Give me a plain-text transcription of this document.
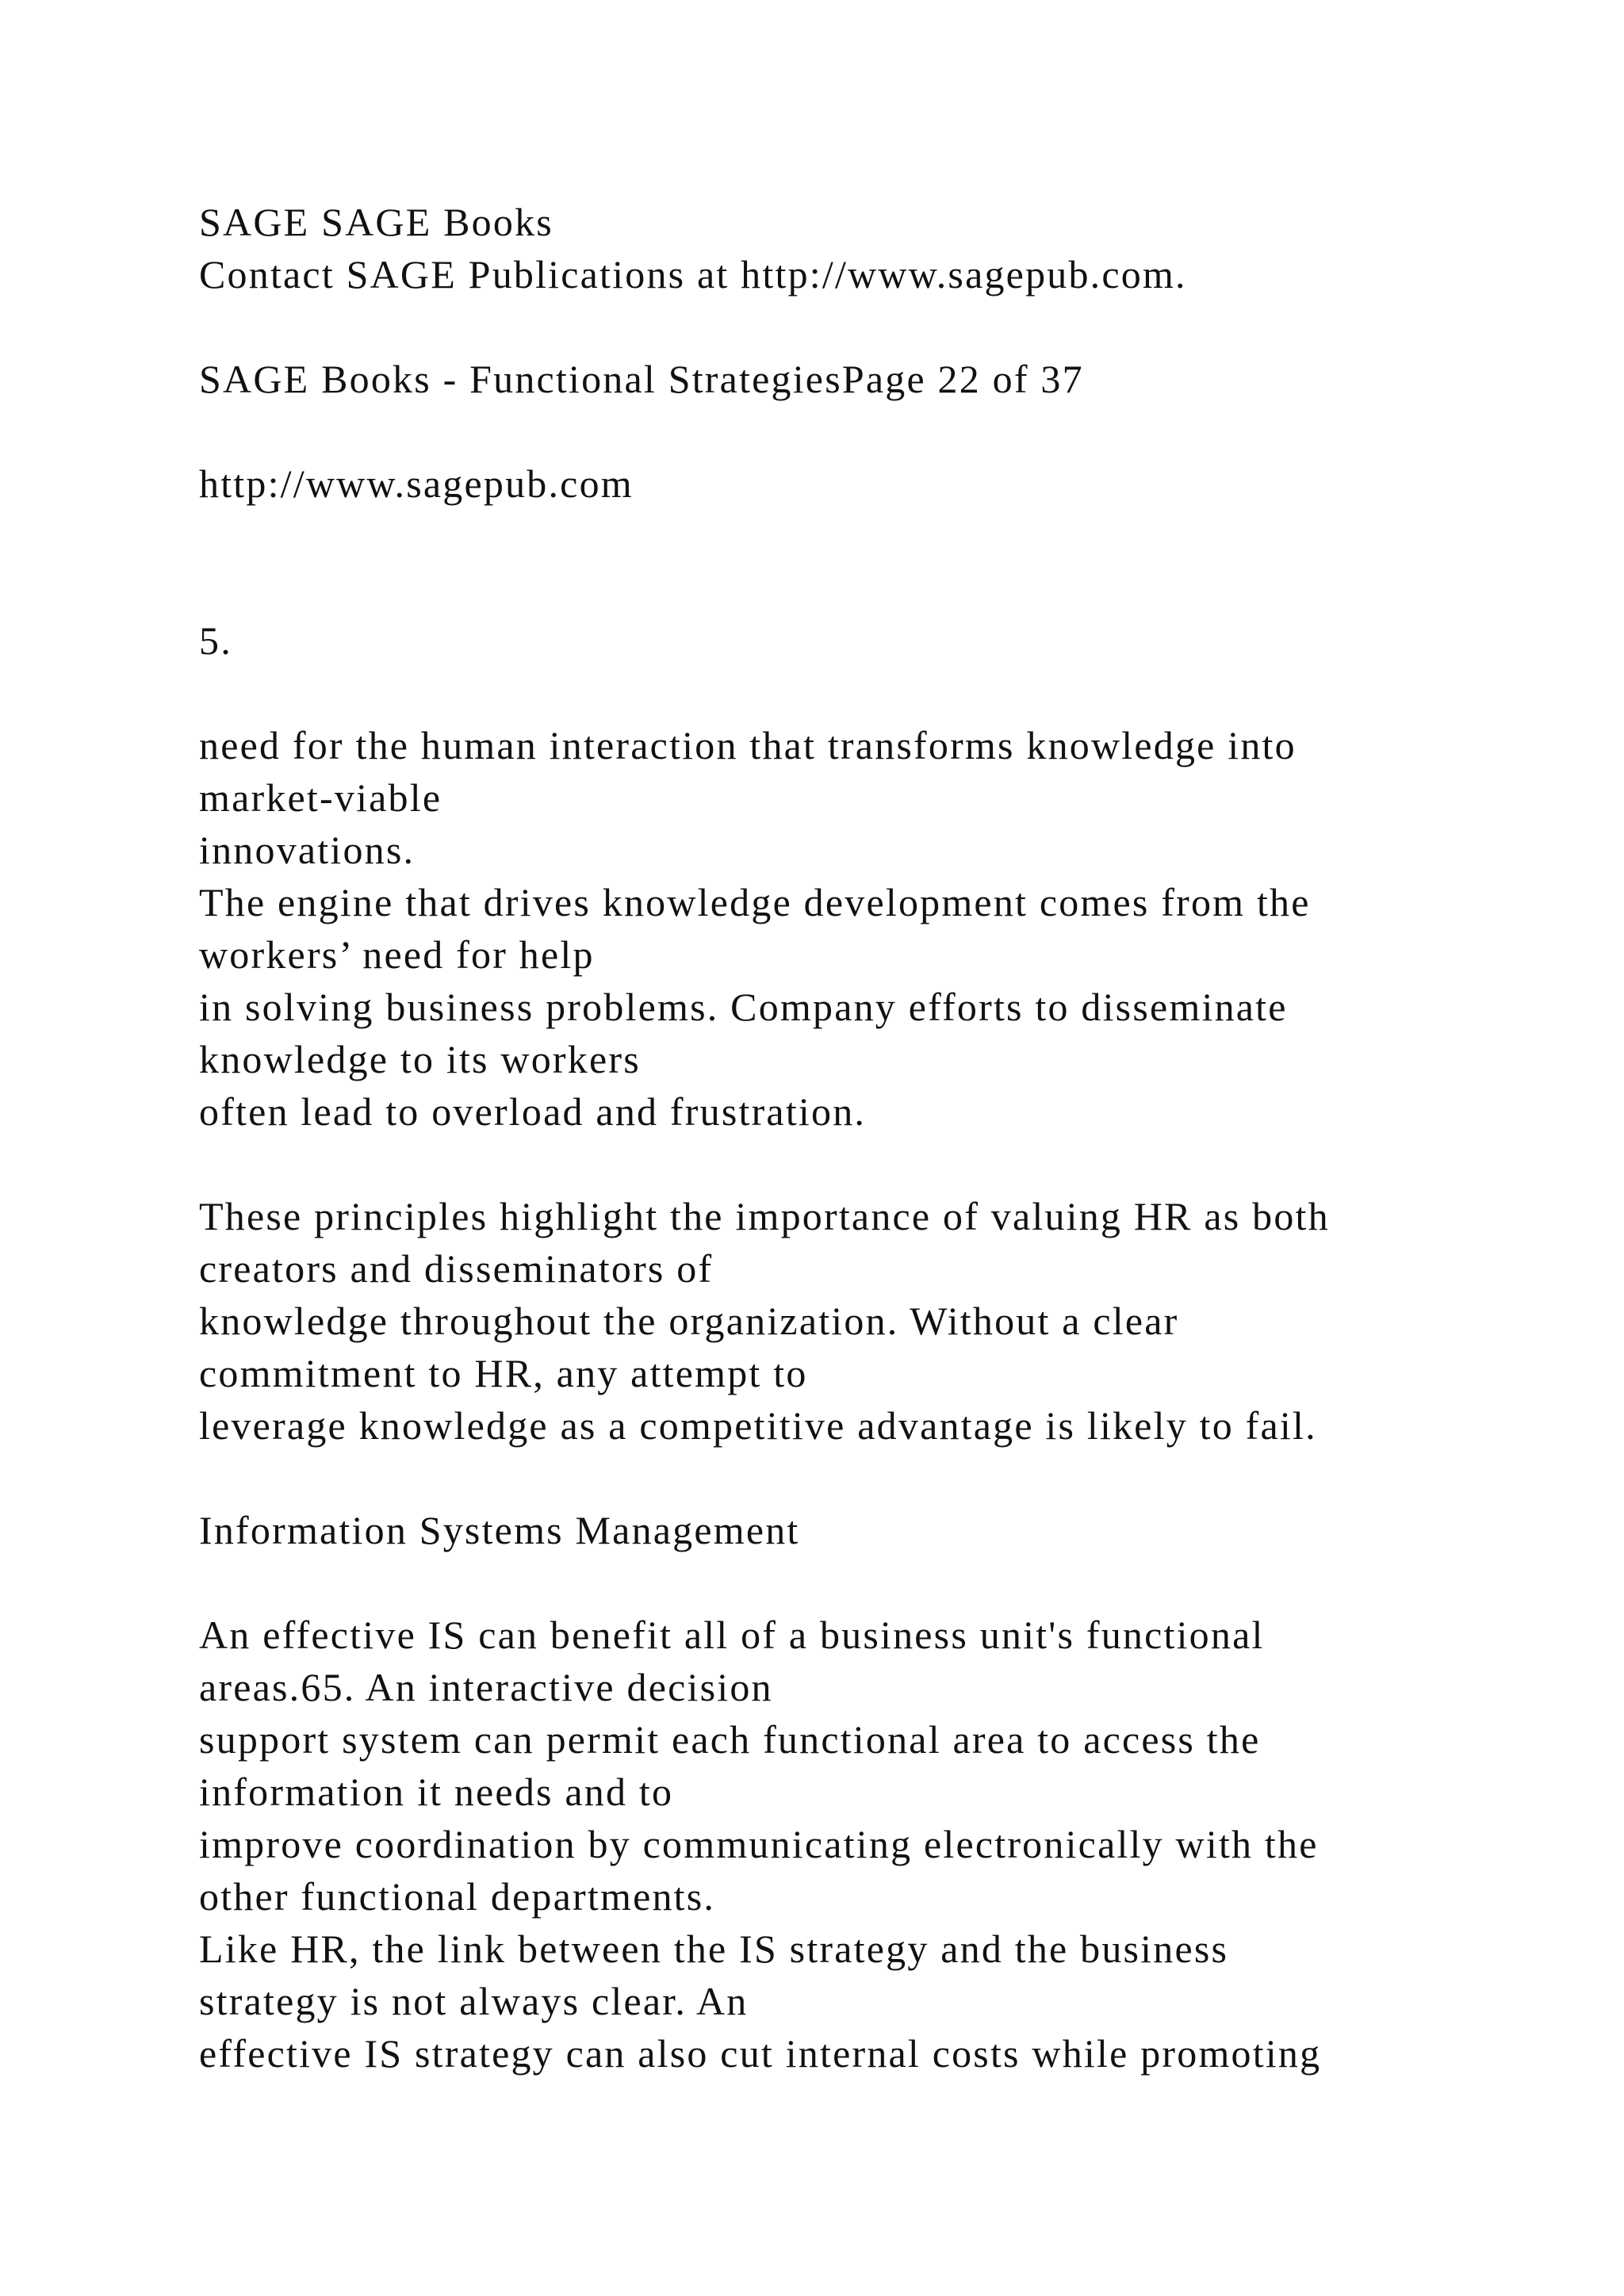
SAGE SAGE Books

Contact SAGE Publications at http://www.sagepub.com.

SAGE Books - Functional StrategiesPage 22 of 37

http://www.sagepub.com

5.

need for the human interaction that transforms knowledge into

market-viable

innovations.

The engine that drives knowledge development comes from the

workers’ need for help

in solving business problems. Company efforts to disseminate

knowledge to its workers

often lead to overload and frustration.

These principles highlight the importance of valuing HR as both

creators and disseminators of

knowledge throughout the organization. Without a clear

commitment to HR, any attempt to

leverage knowledge as a competitive advantage is likely to fail.

Information Systems Management

An effective IS can benefit all of a business unit's functional

areas.65. An interactive decision

support system can permit each functional area to access the

information it needs and to

improve coordination by communicating electronically with the

other functional departments.

Like HR, the link between the IS strategy and the business

strategy is not always clear. An

effective IS strategy can also cut internal costs while promoting
